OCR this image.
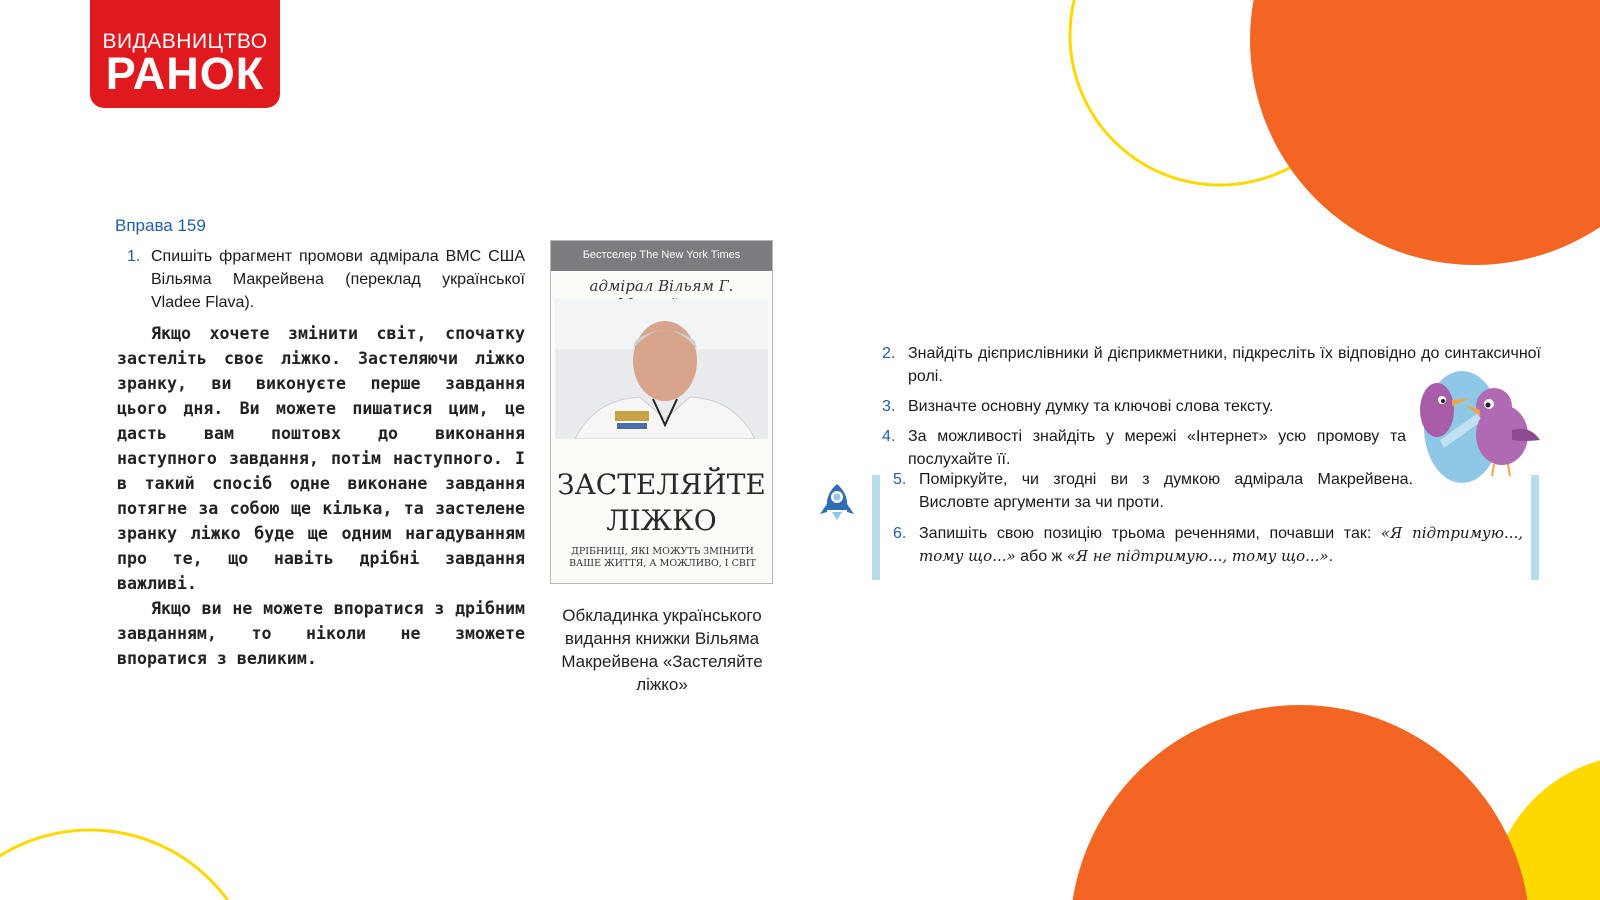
ВИДАВНИЦТВО
РАНОК
Вправа 159
1. Спишіть фрагмент промови адмірала ВМС США Вільяма Макрейвена (переклад української Vladee Flava).

Якщо хочете змінити світ, спочатку застеліть своє ліжко. Застеляючи ліжко зранку, ви виконуєте перше завдання цього дня. Ви можете пишатися цим, це дасть вам поштовх до виконання наступного завдання, потім наступного. І в такий спосіб одне виконане завдання потягне за собою ще кілька, та застелене зранку ліжко буде ще одним нагадуванням про те, що навіть дрібні завдання важливі.

Якщо ви не можете впоратися з дрібним завданням, то ніколи не зможете впоратися з великим.

Бестселер The New York Times
адмірал Вільям Г.
ЗАСТЕЛЯЙТЕ
ЛІЖКО
ДРІБНИЦІ, ЯКІ МОЖУТЬ ЗМІНИТИ ВАШЕ ЖИТТЯ, А МОЖЛИВО, І СВІТ
Обкладинка українського видання книжки Вільяма Макрейвена «Застеляйте ліжко»
2. Знайдіть дієприслівники й дієприкметники, підкресліть їх відповідно до синтаксичної ролі.
3. Визначте основну думку та ключові слова тексту.
4. За можливості знайдіть у мережі «Інтернет» усю промову та послухайте її.
5. Поміркуйте, чи згодні ви з думкою адмірала Макрейвена. Висловте аргументи за чи проти.
6. Запишіть свою позицію трьома реченнями, почавши так: «Я підтримую..., тому що...» або ж «Я не підтримую..., тому що...».
